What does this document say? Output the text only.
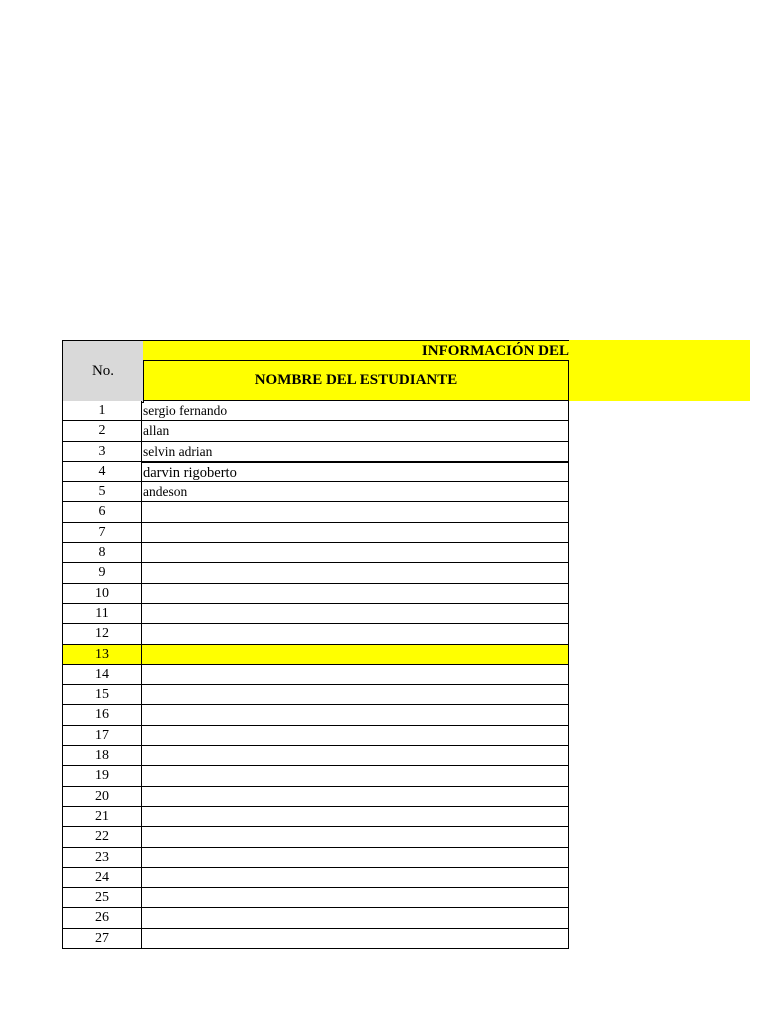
No.
INFORMACIÓN DEL
NOMBRE DEL ESTUDIANTE
1	sergio fernando
2	allan
3	selvin adrian
4	darvin rigoberto
5	andeson
6
7
8
9
10
11
12
13
14
15
16
17
18
19
20
21
22
23
24
25
26
27
